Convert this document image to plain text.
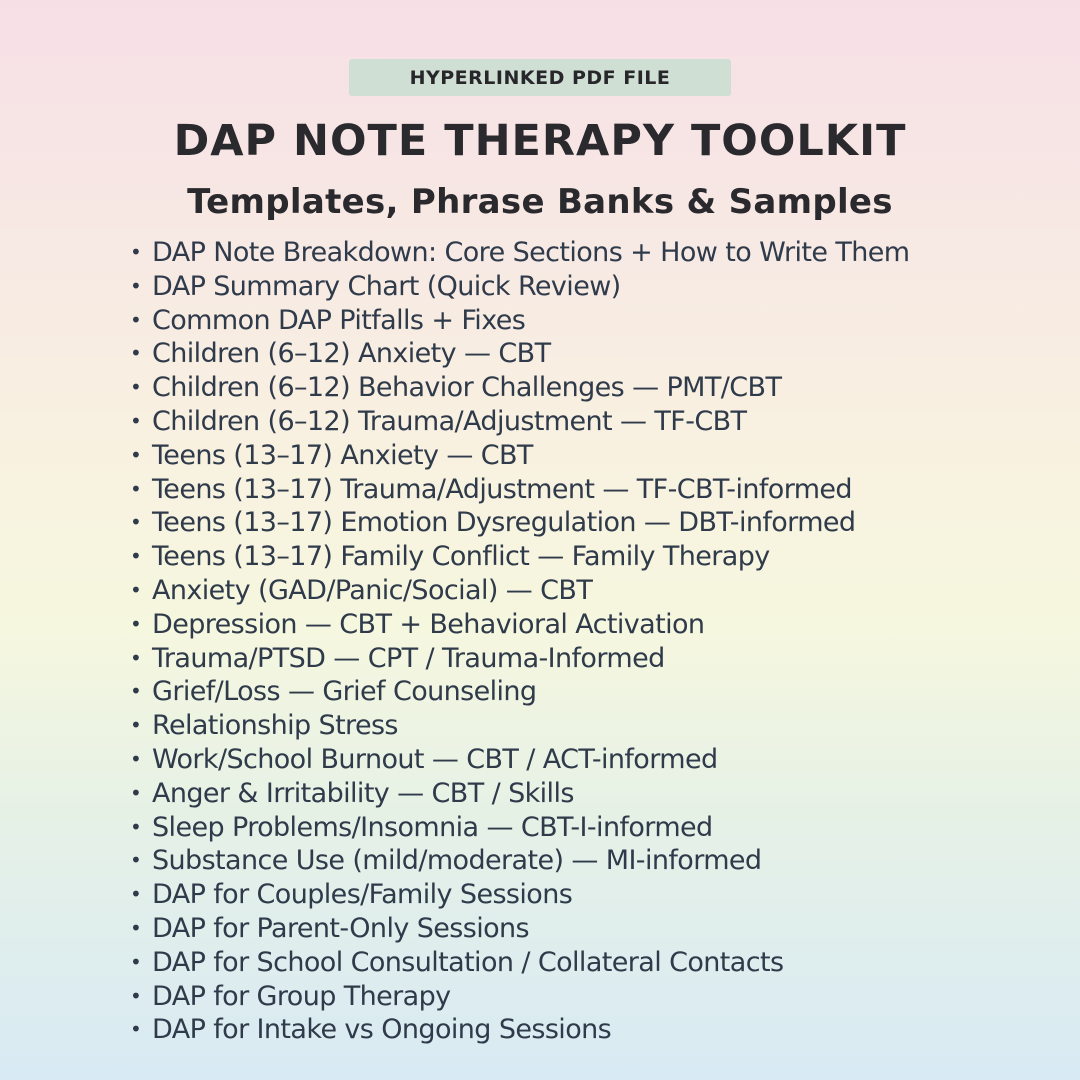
HYPERLINKED PDF FILE
DAP NOTE THERAPY TOOLKIT
Templates, Phrase Banks & Samples
• DAP Note Breakdown: Core Sections + How to Write Them
• DAP Summary Chart (Quick Review)
• Common DAP Pitfalls + Fixes
• Children (6–12) Anxiety — CBT
• Children (6–12) Behavior Challenges — PMT/CBT
• Children (6–12) Trauma/Adjustment — TF-CBT
• Teens (13–17) Anxiety — CBT
• Teens (13–17) Trauma/Adjustment — TF-CBT-informed
• Teens (13–17) Emotion Dysregulation — DBT-informed
• Teens (13–17) Family Conflict — Family Therapy
• Anxiety (GAD/Panic/Social) — CBT
• Depression — CBT + Behavioral Activation
• Trauma/PTSD — CPT / Trauma-Informed
• Grief/Loss — Grief Counseling
• Relationship Stress
• Work/School Burnout — CBT / ACT-informed
• Anger & Irritability — CBT / Skills
• Sleep Problems/Insomnia — CBT-I-informed
• Substance Use (mild/moderate) — MI-informed
• DAP for Couples/Family Sessions
• DAP for Parent-Only Sessions
• DAP for School Consultation / Collateral Contacts
• DAP for Group Therapy
• DAP for Intake vs Ongoing Sessions
